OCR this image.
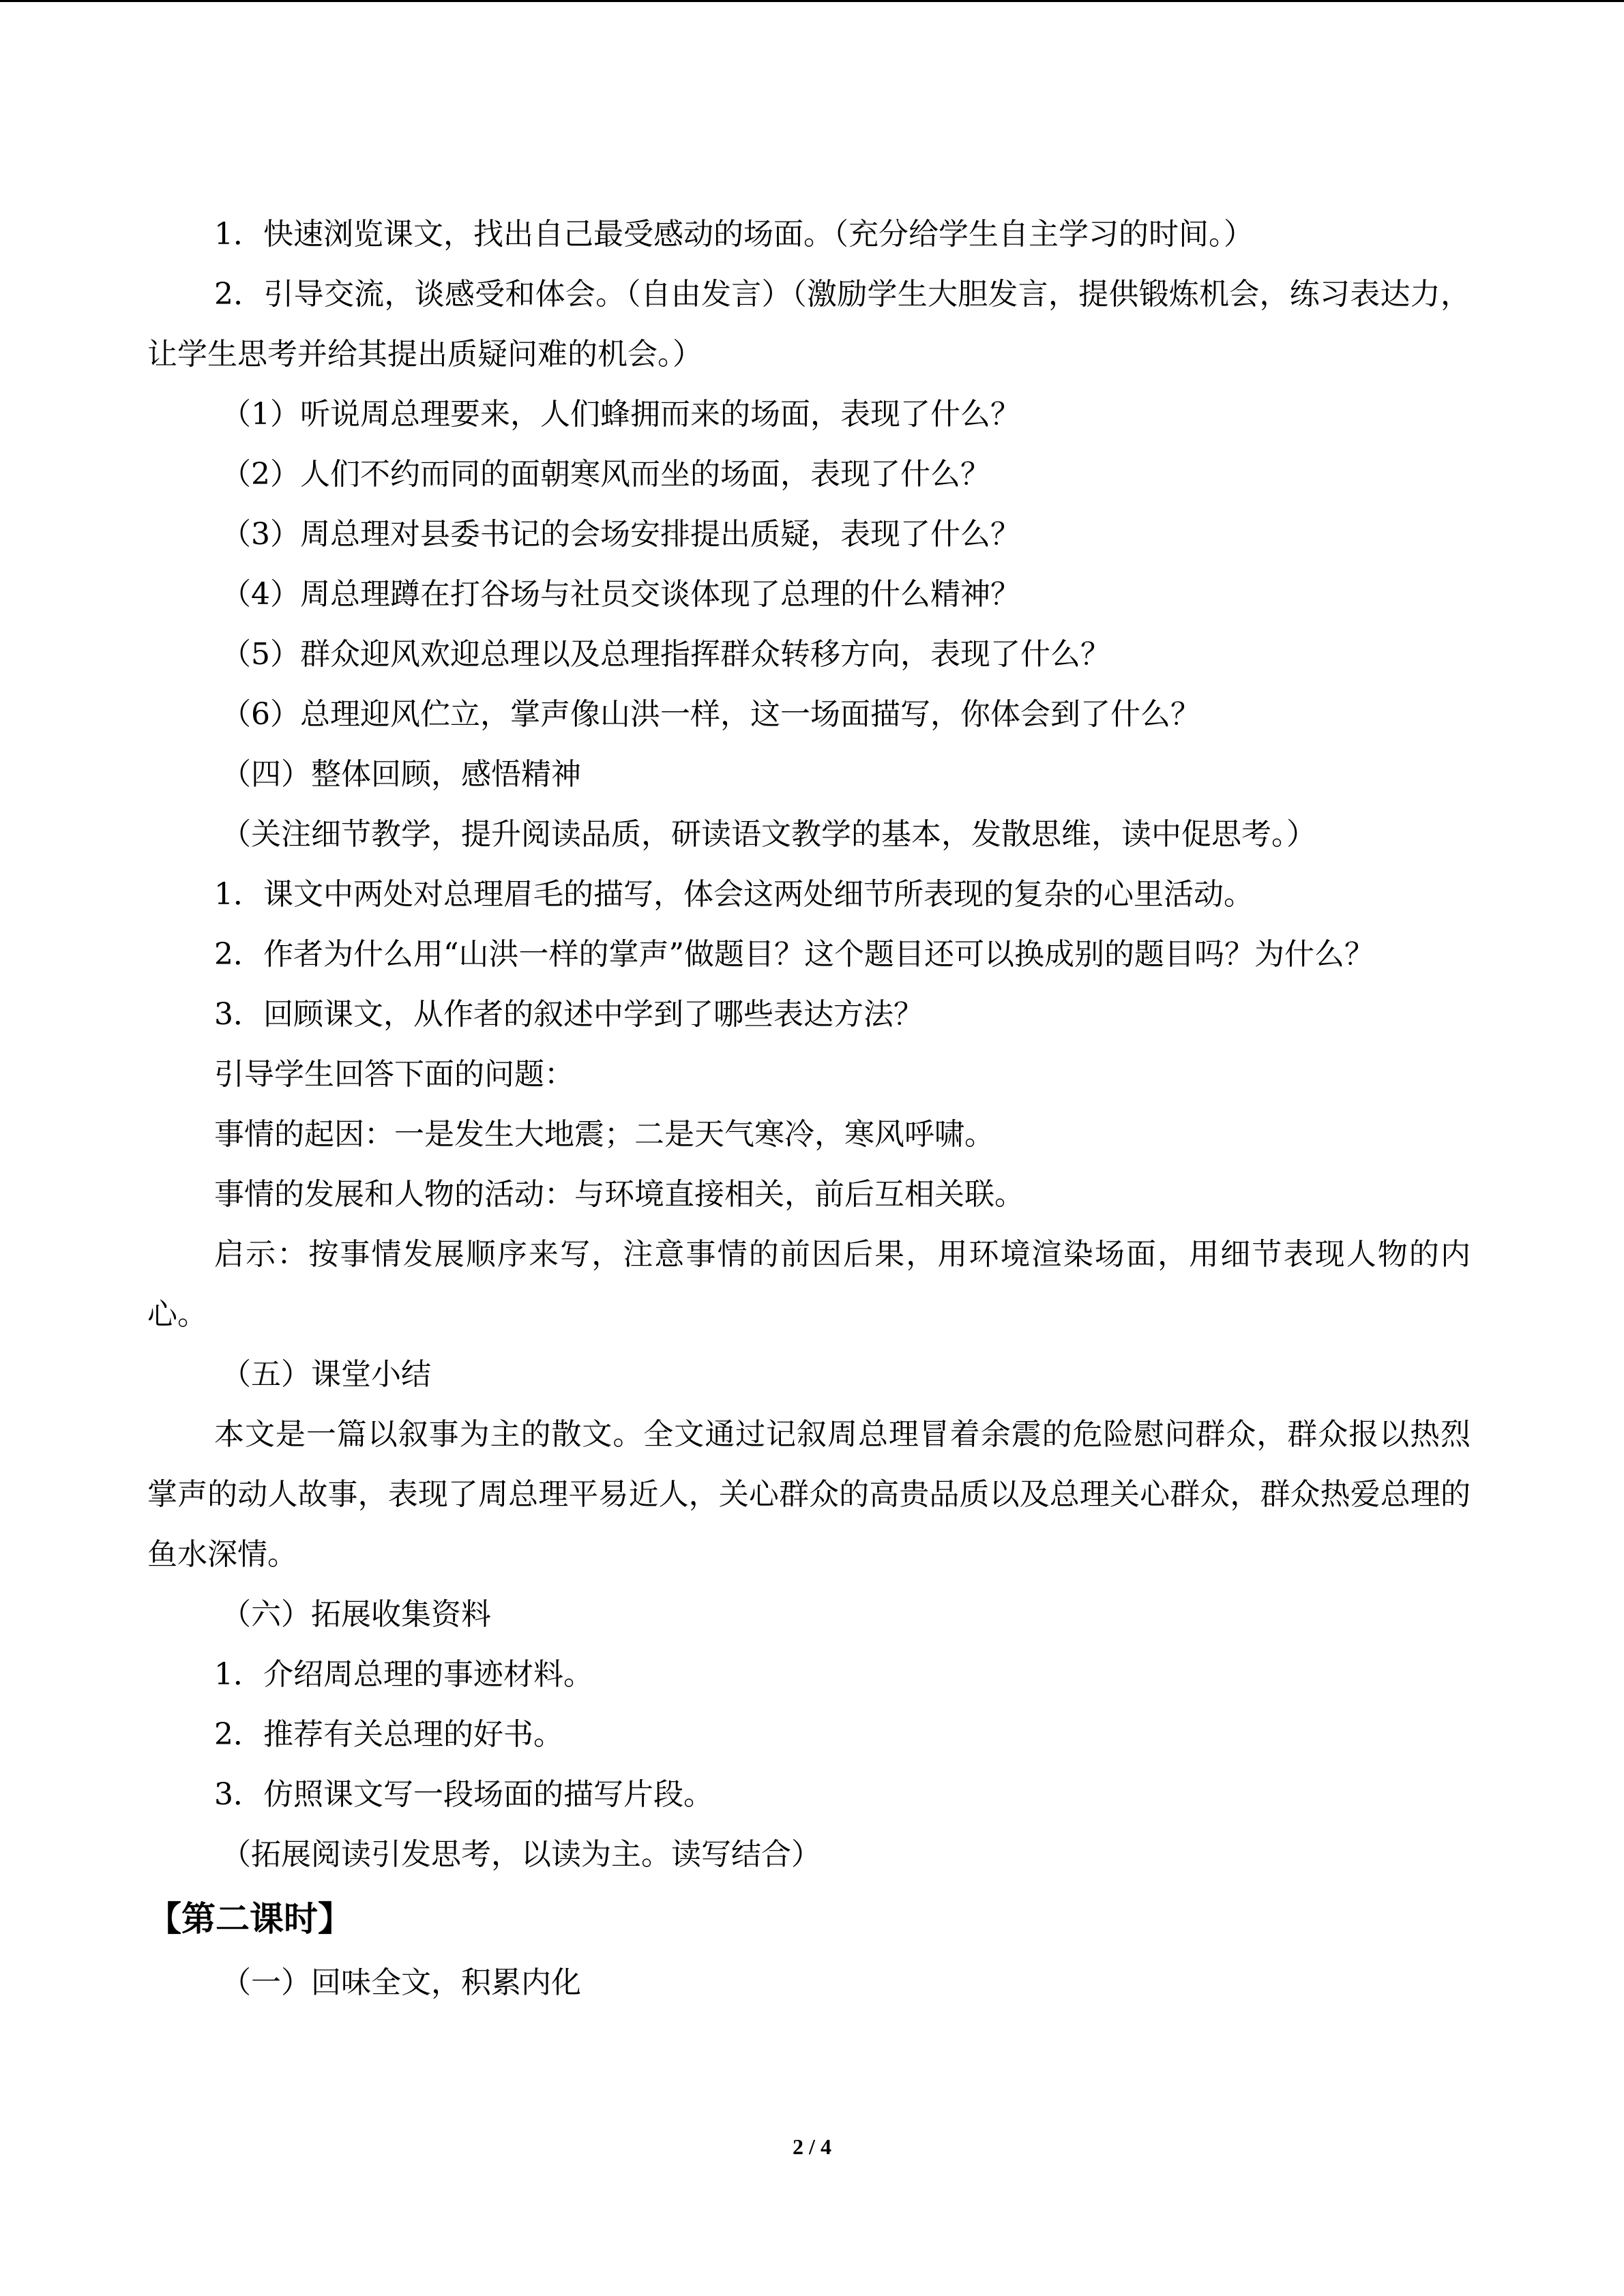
1．快速浏览课文，找出自己最受感动的场面。（充分给学生自主学习的时间。）

2．引导交流，谈感受和体会。（自由发言）（激励学生大胆发言，提供锻炼机会，练习表达力，让学生思考并给其提出质疑问难的机会。）

（1）听说周总理要来，人们蜂拥而来的场面，表现了什么？

（2）人们不约而同的面朝寒风而坐的场面，表现了什么？

（3）周总理对县委书记的会场安排提出质疑，表现了什么？

（4）周总理蹲在打谷场与社员交谈体现了总理的什么精神？

（5）群众迎风欢迎总理以及总理指挥群众转移方向，表现了什么？

（6）总理迎风伫立，掌声像山洪一样，这一场面描写，你体会到了什么？

（四）整体回顾，感悟精神

（关注细节教学，提升阅读品质，研读语文教学的基本，发散思维，读中促思考。）

1．课文中两处对总理眉毛的描写，体会这两处细节所表现的复杂的心里活动。

2．作者为什么用“山洪一样的掌声”做题目？这个题目还可以换成别的题目吗？为什么？

3．回顾课文，从作者的叙述中学到了哪些表达方法？

引导学生回答下面的问题：

事情的起因：一是发生大地震；二是天气寒冷，寒风呼啸。

事情的发展和人物的活动：与环境直接相关，前后互相关联。

启示：按事情发展顺序来写，注意事情的前因后果，用环境渲染场面，用细节表现人物的内心。

（五）课堂小结

本文是一篇以叙事为主的散文。全文通过记叙周总理冒着余震的危险慰问群众，群众报以热烈掌声的动人故事，表现了周总理平易近人，关心群众的高贵品质以及总理关心群众，群众热爱总理的鱼水深情。

（六）拓展收集资料

1．介绍周总理的事迹材料。

2．推荐有关总理的好书。

3．仿照课文写一段场面的描写片段。

（拓展阅读引发思考，以读为主。读写结合）

【第二课时】

（一）回味全文，积累内化

2 / 4
